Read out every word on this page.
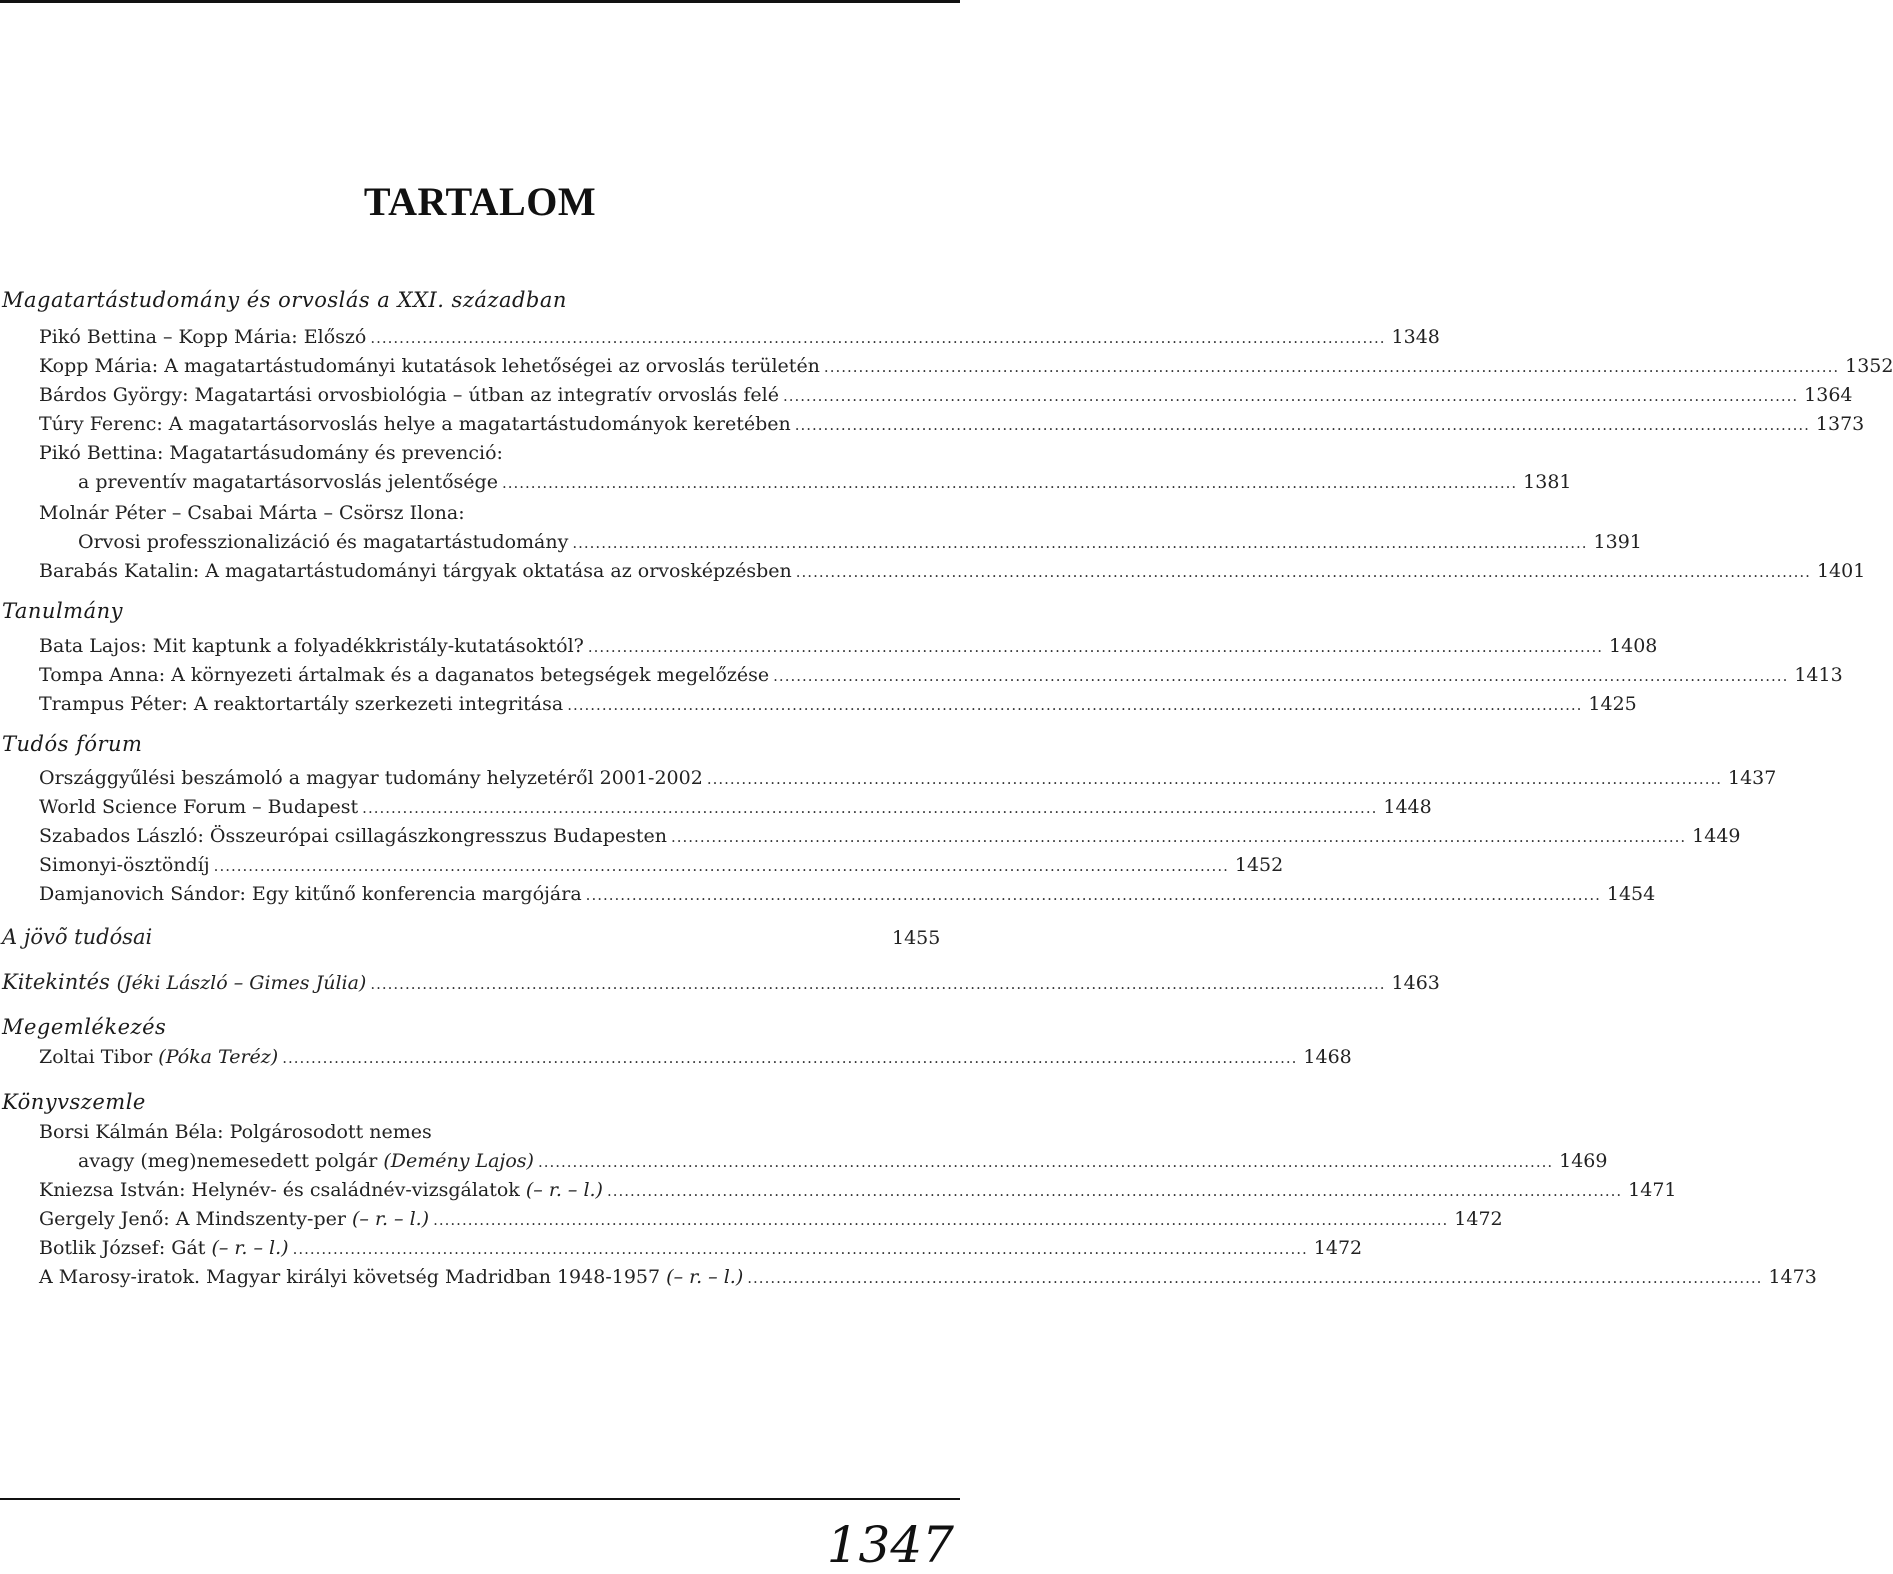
TARTALOM
Magatartástudomány és orvoslás a XXI. században
Pikó Bettina – Kopp Mária: Előszó .....	1348
Kopp Mária: A magatartástudományi kutatások lehetőségei az orvoslás területén .....	1352
Bárdos György: Magatartási orvosbiológia – útban az integratív orvoslás felé .....	1364
Túry Ferenc: A magatartásorvoslás helye a magatartástudományok keretében .....	1373
Pikó Bettina: Magatartásudomány és prevenció:
a preventív magatartásorvoslás jelentősége .....	1381
Molnár Péter – Csabai Márta – Csörsz Ilona:
Orvosi professzionalizáció és magatartástudomány .....	1391
Barabás Katalin: A magatartástudományi tárgyak oktatása az orvosképzésben .....	1401
Tanulmány
Bata Lajos: Mit kaptunk a folyadékkristály-kutatásoktól? .....	1408
Tompa Anna: A környezeti ártalmak és a daganatos betegségek megelőzése .....	1413
Trampus Péter: A reaktortartály szerkezeti integritása .....	1425
Tudós fórum
Országgyűlési beszámoló a magyar tudomány helyzetéről 2001-2002 .....	1437
World Science Forum – Budapest .....	1448
Szabados László: Összeurópai csillagászkongresszus Budapesten .....	1449
Simonyi-ösztöndíj .....	1452
Damjanovich Sándor: Egy kitűnő konferencia margójára .....	1454
A jövõ tudósai	1455
Kitekintés (Jéki László – Gimes Júlia) .....	1463
Megemlékezés
Zoltai Tibor (Póka Teréz) .....	1468
Könyvszemle
Borsi Kálmán Béla: Polgárosodott nemes
avagy (meg)nemesedett polgár (Demény Lajos) .....	1469
Kniezsa István: Helynév- és családnév-vizsgálatok (– r. – l.) .....	1471
Gergely Jenő: A Mindszenty-per (– r. – l.) .....	1472
Botlik József: Gát (– r. – l.) .....	1472
A Marosy-iratok. Magyar királyi követség Madridban 1948-1957 (– r. – l.) .....	1473
1347
